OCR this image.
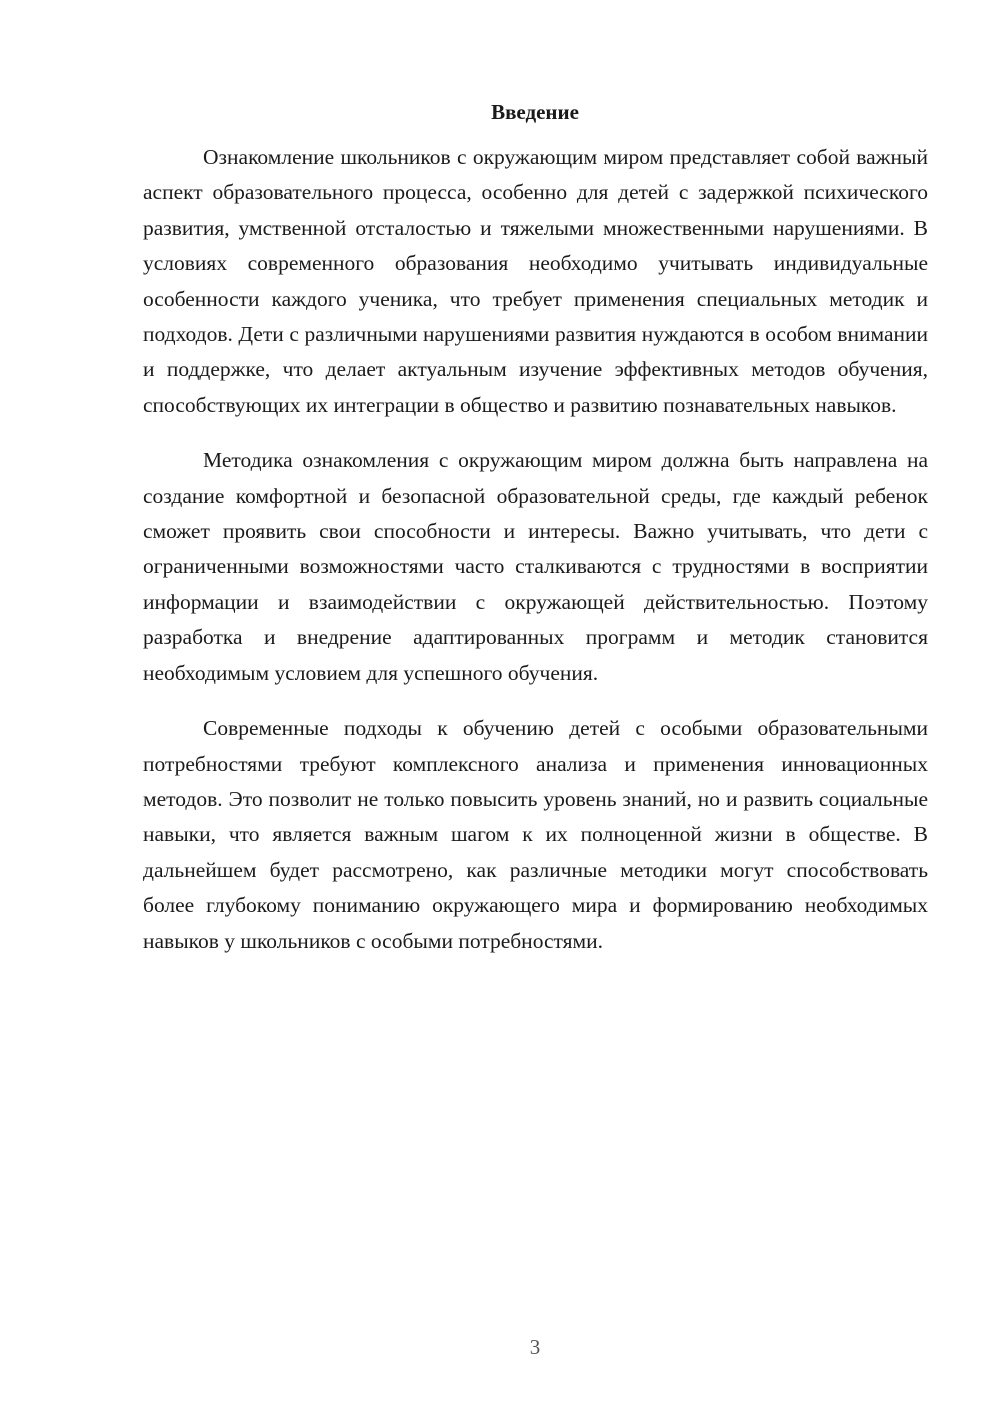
Введение

Ознакомление школьников с окружающим миром представляет собой важный аспект образовательного процесса, особенно для детей с задержкой психического развития, умственной отсталостью и тяжелыми множественными нарушениями. В условиях современного образования необходимо учитывать индивидуальные особенности каждого ученика, что требует применения специальных методик и подходов. Дети с различными нарушениями развития нуждаются в особом внимании и поддержке, что делает актуальным изучение эффективных методов обучения, способствующих их интеграции в общество и развитию познавательных навыков.

Методика ознакомления с окружающим миром должна быть направлена на создание комфортной и безопасной образовательной среды, где каждый ребенок сможет проявить свои способности и интересы. Важно учитывать, что дети с ограниченными возможностями часто сталкиваются с трудностями в восприятии информации и взаимодействии с окружающей действительностью. Поэтому разработка и внедрение адаптированных программ и методик становится необходимым условием для успешного обучения.

Современные подходы к обучению детей с особыми образовательными потребностями требуют комплексного анализа и применения инновационных методов. Это позволит не только повысить уровень знаний, но и развить социальные навыки, что является важным шагом к их полноценной жизни в обществе. В дальнейшем будет рассмотрено, как различные методики могут способствовать более глубокому пониманию окружающего мира и формированию необходимых навыков у школьников с особыми потребностями.

3
